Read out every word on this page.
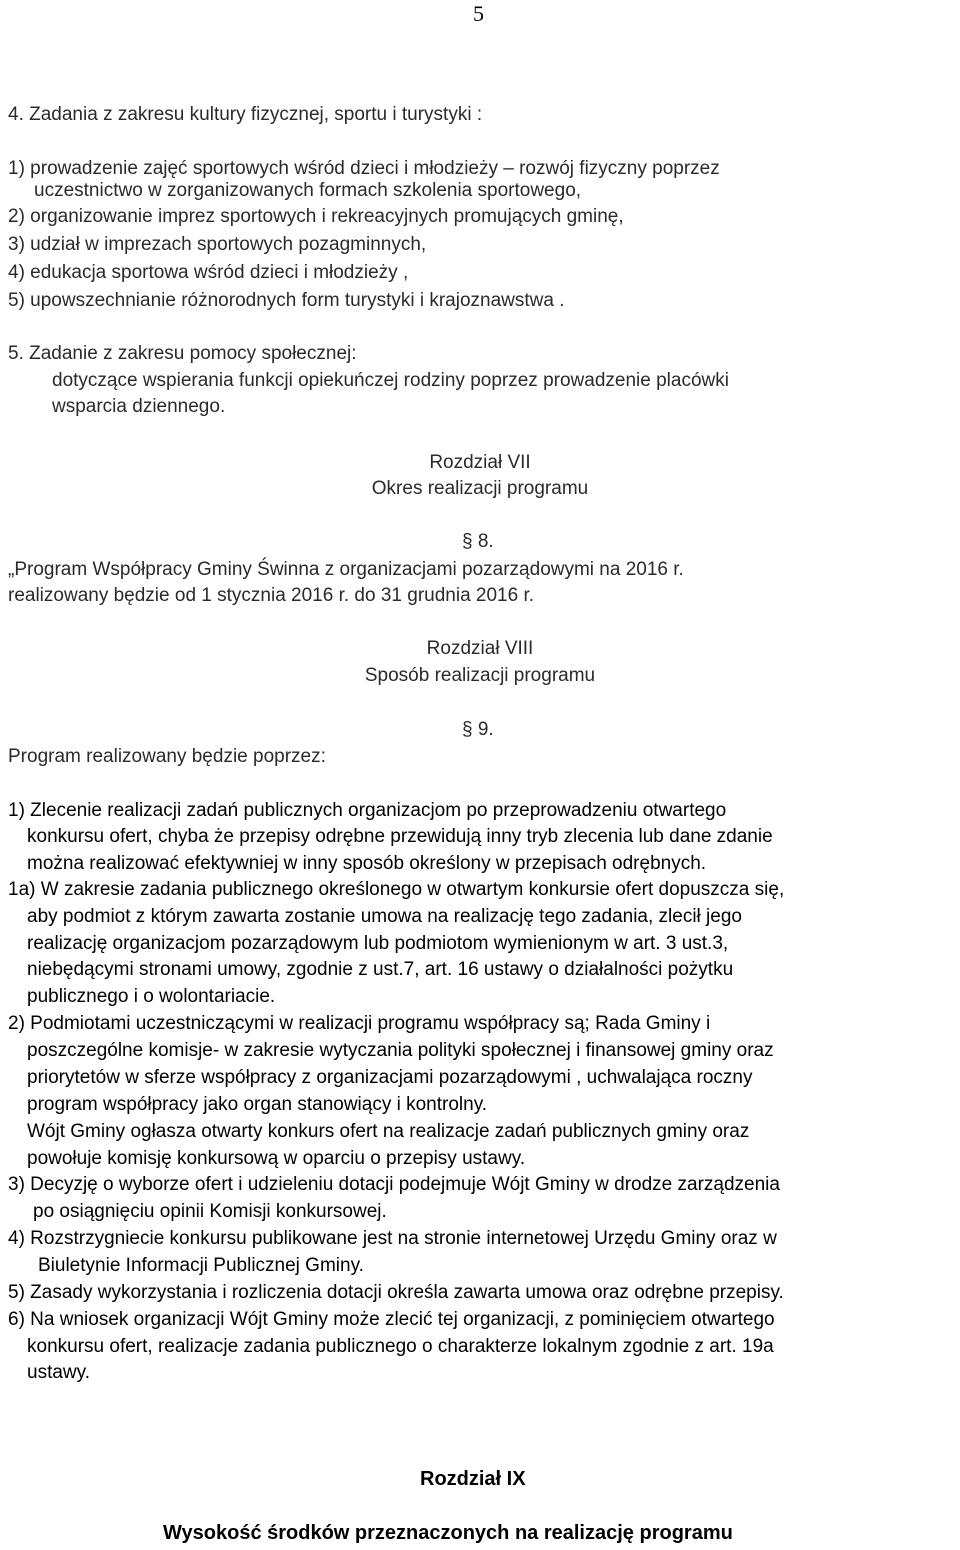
5
4. Zadania z zakresu kultury fizycznej, sportu i turystyki :
1) prowadzenie zajęć sportowych wśród dzieci i młodzieży – rozwój fizyczny poprzez
uczestnictwo w zorganizowanych formach szkolenia sportowego,
2) organizowanie imprez sportowych i rekreacyjnych promujących gminę,
3) udział w imprezach sportowych pozagminnych,
4) edukacja sportowa wśród dzieci i młodzieży ,
5) upowszechnianie różnorodnych form turystyki i krajoznawstwa .
5. Zadanie z zakresu pomocy społecznej:
dotyczące wspierania funkcji opiekuńczej rodziny poprzez prowadzenie placówki
wsparcia dziennego.
Rozdział VII
Okres realizacji programu
§ 8.
„Program Współpracy Gminy Świnna z organizacjami pozarządowymi na 2016 r.
realizowany będzie od 1 stycznia 2016 r. do 31 grudnia 2016 r.
Rozdział VIII
Sposób realizacji programu
§ 9.
Program realizowany będzie poprzez:
1) Zlecenie realizacji zadań publicznych organizacjom po przeprowadzeniu otwartego
konkursu ofert, chyba że przepisy odrębne przewidują inny tryb zlecenia lub dane zdanie
można realizować efektywniej w inny sposób określony w przepisach odrębnych.
1a) W zakresie zadania publicznego określonego w otwartym konkursie ofert dopuszcza się,
aby podmiot z którym zawarta zostanie umowa na realizację tego zadania, zlecił jego
realizację organizacjom pozarządowym lub podmiotom wymienionym w art. 3 ust.3,
niebędącymi stronami umowy, zgodnie z ust.7, art. 16 ustawy o działalności pożytku
publicznego i o wolontariacie.
2) Podmiotami uczestniczącymi w realizacji programu współpracy są; Rada Gminy i
poszczególne komisje- w zakresie wytyczania polityki społecznej i finansowej gminy oraz
priorytetów w sferze współpracy z organizacjami pozarządowymi , uchwalająca roczny
program współpracy jako organ stanowiący i kontrolny.
Wójt Gminy ogłasza otwarty konkurs ofert na realizacje zadań publicznych gminy oraz
powołuje komisję konkursową w oparciu o przepisy ustawy.
3) Decyzję o wyborze ofert i udzieleniu dotacji podejmuje Wójt Gminy w drodze zarządzenia
po osiągnięciu opinii Komisji konkursowej.
4) Rozstrzygniecie konkursu publikowane jest na stronie internetowej Urzędu Gminy oraz w
Biuletynie Informacji Publicznej Gminy.
5) Zasady wykorzystania i rozliczenia dotacji określa zawarta umowa oraz odrębne przepisy.
6) Na wniosek organizacji Wójt Gminy może zlecić tej organizacji, z pominięciem otwartego
konkursu ofert, realizacje zadania publicznego o charakterze lokalnym zgodnie z art. 19a
ustawy.
Rozdział IX
Wysokość środków przeznaczonych na realizację programu
